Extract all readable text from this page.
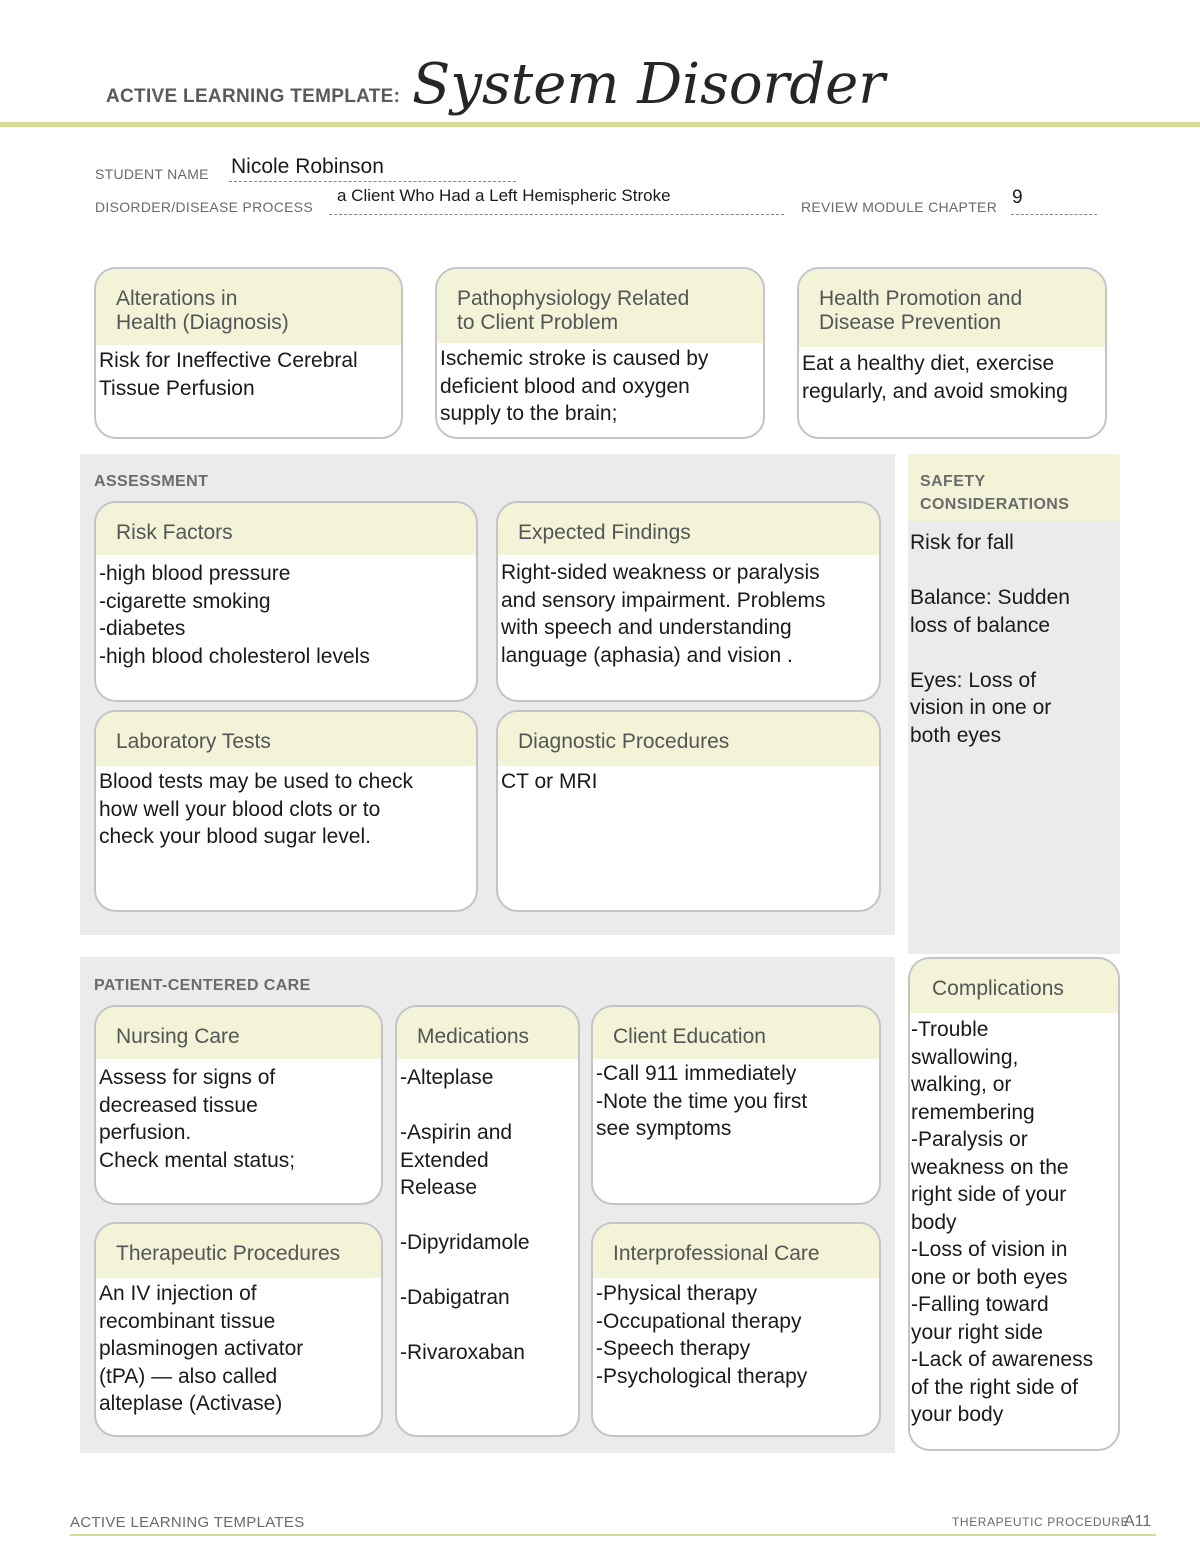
ACTIVE LEARNING TEMPLATE: System Disorder
STUDENT NAME Nicole Robinson
DISORDER/DISEASE PROCESS
a Client Who Had a Left Hemispheric Stroke
REVIEW MODULE CHAPTER 9
Alterations in
Health (Diagnosis)
Risk for Ineffective Cerebral
Tissue Perfusion
Pathophysiology Related
to Client Problem
Ischemic stroke is caused by
deficient blood and oxygen
supply to the brain;
Health Promotion and
Disease Prevention
Eat a healthy diet, exercise
regularly, and avoid smoking
ASSESSMENT
Risk Factors
-high blood pressure
-cigarette smoking
-diabetes
-high blood cholesterol levels
Expected Findings
Right-sided weakness or paralysis
and sensory impairment. Problems
with speech and understanding
language (aphasia) and vision .
Laboratory Tests
Blood tests may be used to check
how well your blood clots or to
check your blood sugar level.
Diagnostic Procedures
CT or MRI
SAFETY
CONSIDERATIONS
Risk for fall

Balance: Sudden
loss of balance

Eyes: Loss of
vision in one or
both eyes
PATIENT-CENTERED CARE
Nursing Care
Assess for signs of
decreased tissue
perfusion.
Check mental status;
Medications
-Alteplase

-Aspirin and
Extended
Release

-Dipyridamole

-Dabigatran

-Rivaroxaban
Client Education
-Call 911 immediately
-Note the time you first
see symptoms
Therapeutic Procedures
An IV injection of
recombinant tissue
plasminogen activator
(tPA) — also called
alteplase (Activase)
Interprofessional Care
-Physical therapy
-Occupational therapy
-Speech therapy
-Psychological therapy
Complications
-Trouble
swallowing,
walking, or
remembering
-Paralysis or
weakness on the
right side of your
body
-Loss of vision in
one or both eyes
-Falling toward
your right side
-Lack of awareness
of the right side of
your body
ACTIVE LEARNING TEMPLATES	THERAPEUTIC PROCEDURE
A11
